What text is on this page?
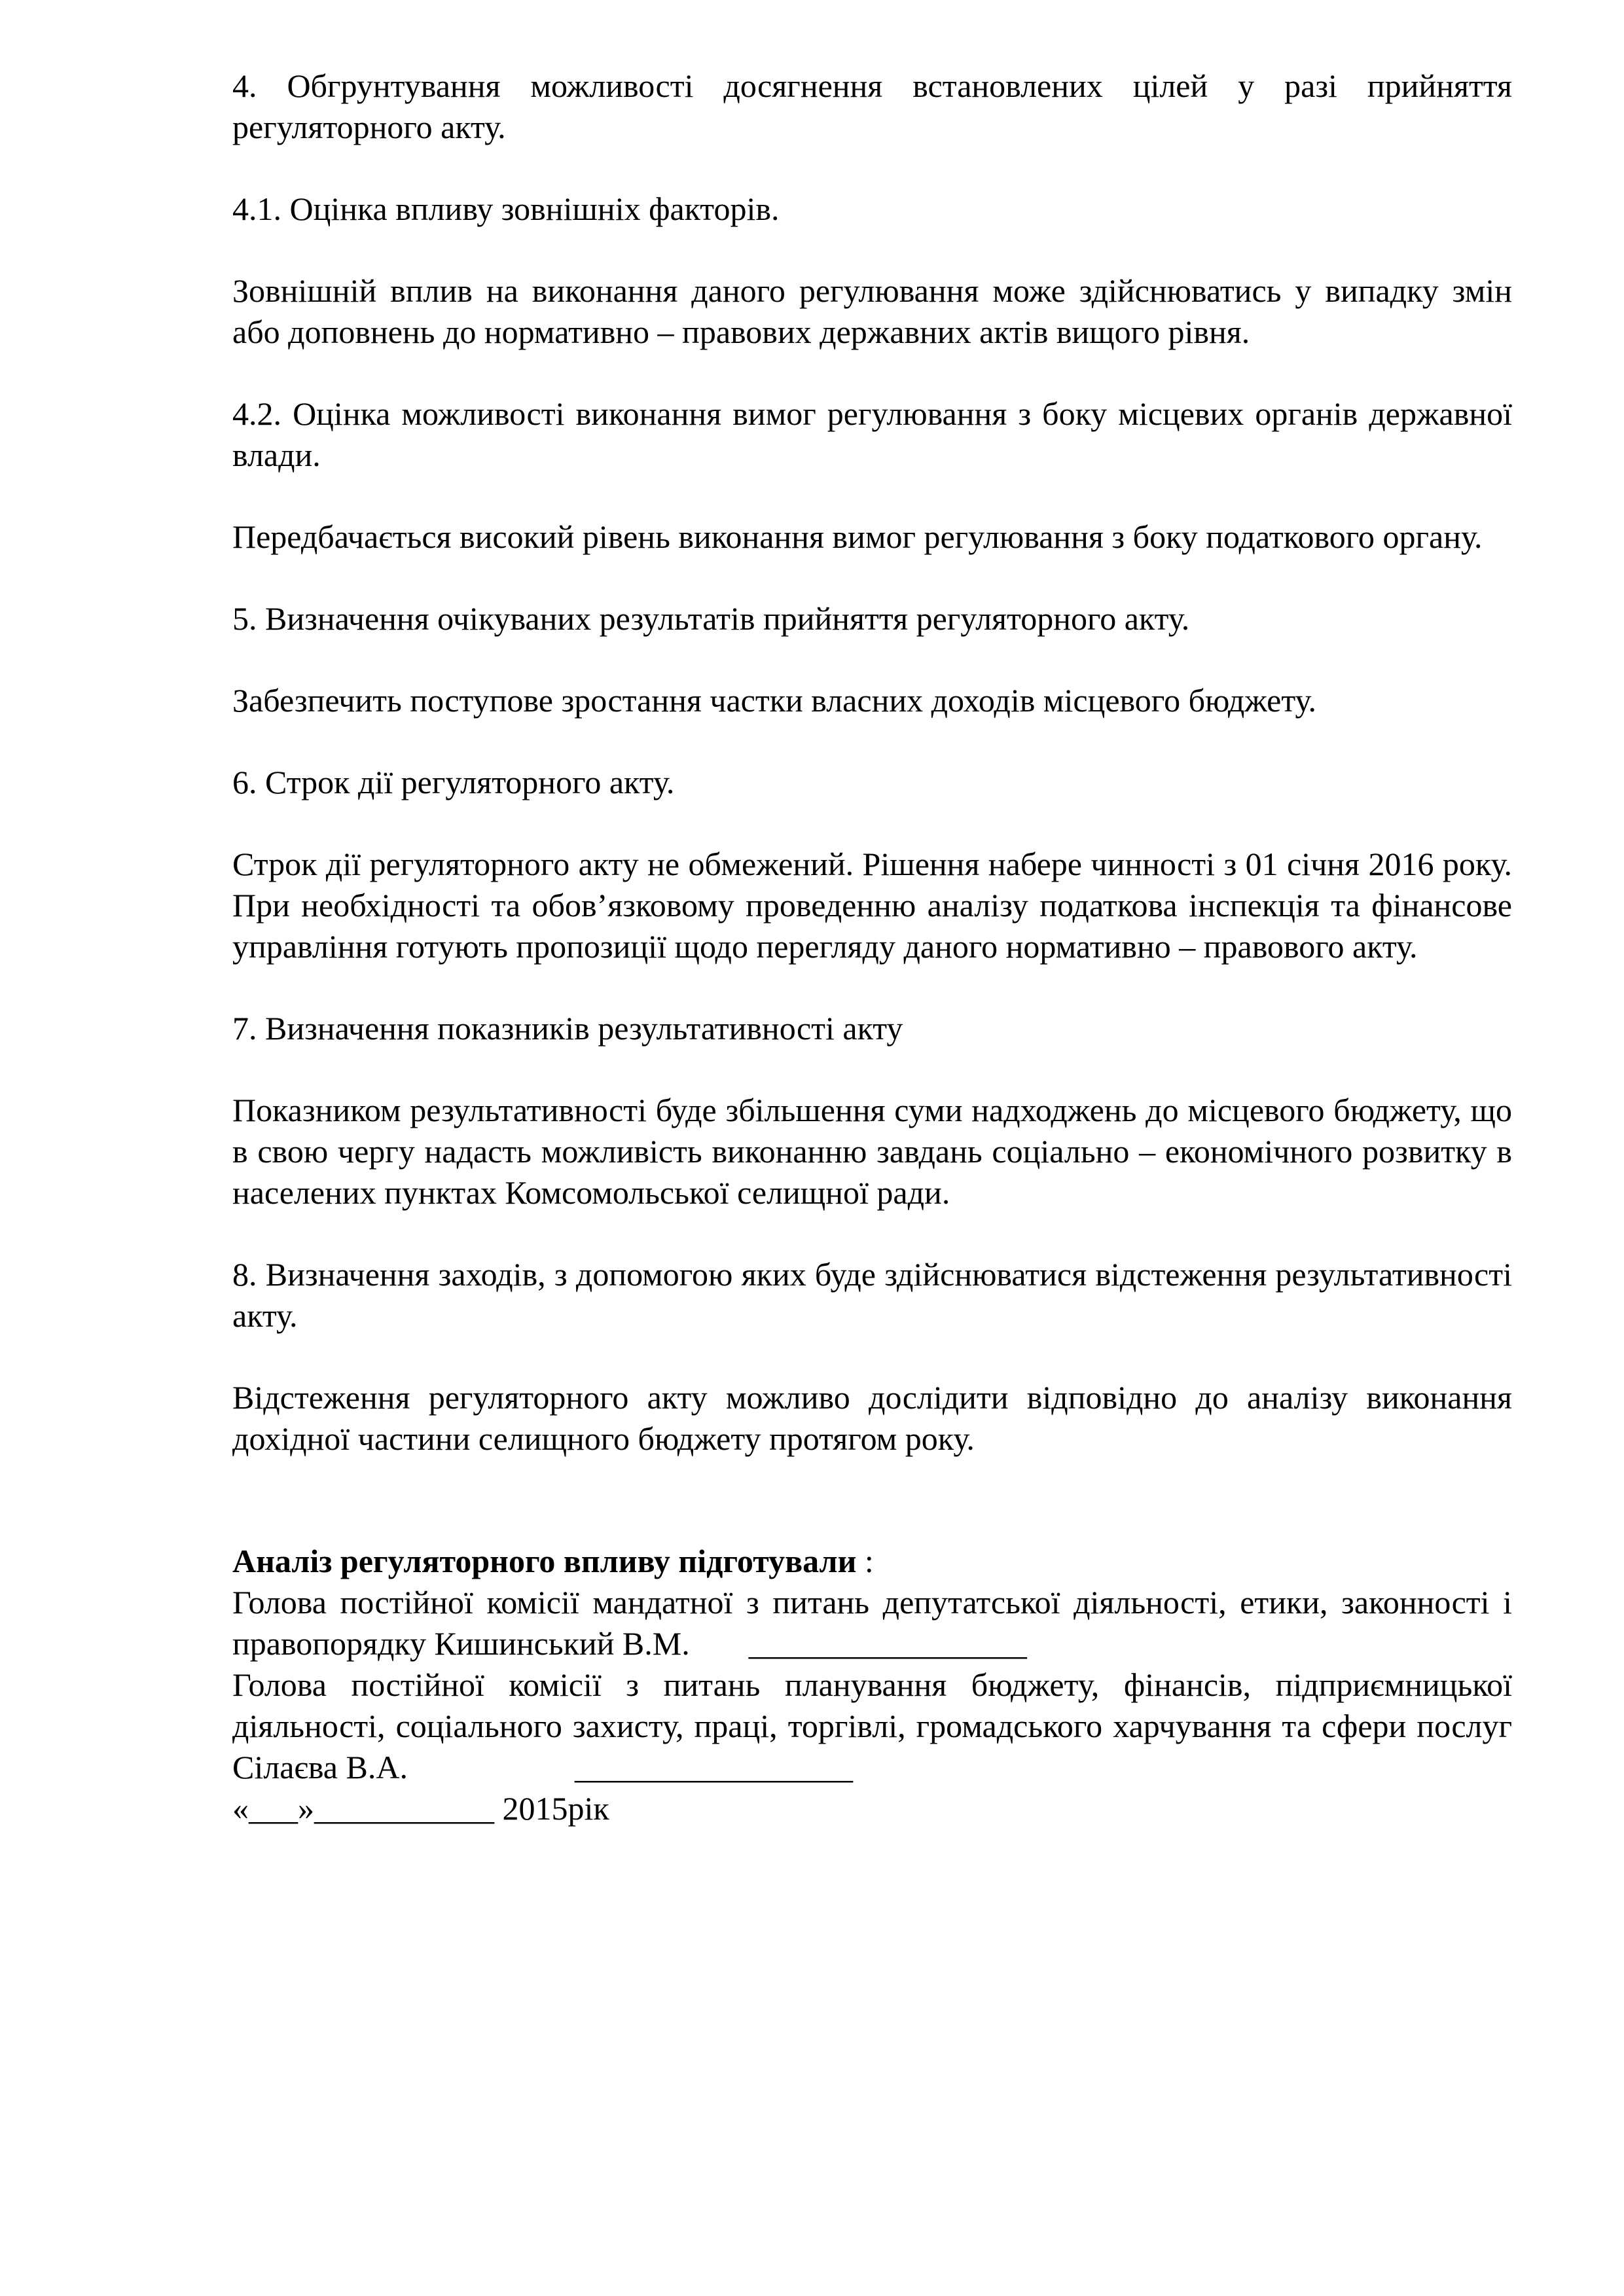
4. Обгрунтування можливості досягнення встановлених цілей у разі прийняття регуляторного акту.

4.1. Оцінка впливу зовнішніх факторів.

Зовнішній вплив на виконання даного регулювання може здійснюватись у випадку змін або доповнень до нормативно – правових державних актів вищого рівня.

4.2. Оцінка можливості виконання вимог регулювання з боку місцевих органів державної влади.

Передбачається високий рівень виконання вимог регулювання з боку податкового органу.

5. Визначення очікуваних результатів прийняття регуляторного акту.

Забезпечить поступове зростання частки власних доходів місцевого бюджету.

6. Строк дії регуляторного акту.

Строк дії регуляторного акту не обмежений. Рішення набере чинності з 01 січня 2016 року. При необхідності та обов’язковому проведенню аналізу податкова інспекція та фінансове управління готують пропозиції щодо перегляду даного нормативно – правового акту.

7. Визначення показників результативності акту

Показником результативності буде збільшення суми надходжень до місцевого бюджету, що в свою чергу надасть можливість виконанню завдань соціально – економічного розвитку в населених пунктах Комсомольської селищної ради.

8. Визначення заходів, з допомогою яких буде здійснюватися відстеження результативності акту.

Відстеження регуляторного акту можливо дослідити відповідно до аналізу виконання дохідної частини селищного бюджету протягом року.

Аналіз регуляторного впливу підготували :

Голова постійної комісії мандатної з питань депутатської діяльності, етики, законності і правопорядку Кишинський В.М. _________________

Голова постійної комісії з питань планування бюджету, фінансів, підприємницької діяльності, соціального захисту, праці, торгівлі, громадського харчування та сфери послуг Сілаєва В.А.	_________________

«___»___________ 2015рік
